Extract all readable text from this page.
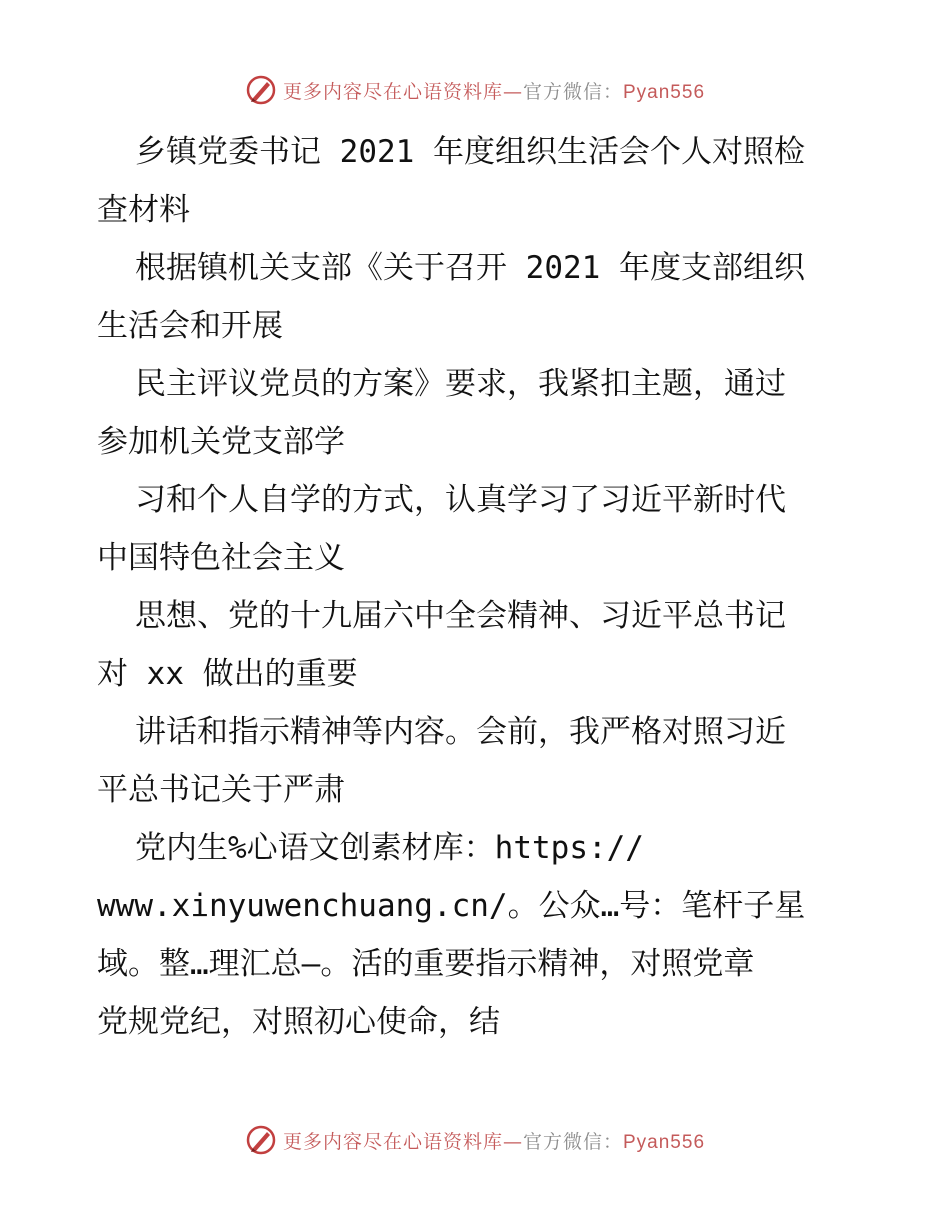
更多内容尽在心语资料库—官方微信：Pyan556
乡镇党委书记 2021 年度组织生活会个人对照检
查材料
根据镇机关支部《关于召开 2021 年度支部组织
生活会和开展
民主评议党员的方案》要求，我紧扣主题，通过
参加机关党支部学
习和个人自学的方式，认真学习了习近平新时代
中国特色社会主义
思想、党的十九届六中全会精神、习近平总书记
对 xx 做出的重要
讲话和指示精神等内容。会前，我严格对照习近
平总书记关于严肃
党内生%心语文创素材库：https://
www.xinyuwenchuang.cn/。公众…号：笔杆子星
域。整…理汇总—。活的重要指示精神，对照党章
党规党纪，对照初心使命，结
更多内容尽在心语资料库—官方微信：Pyan556
